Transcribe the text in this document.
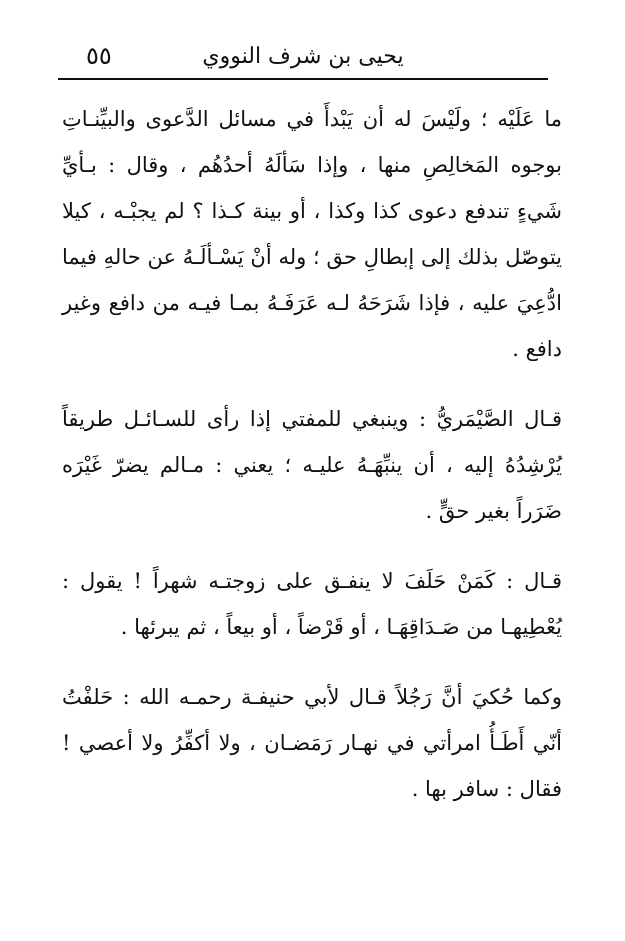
٥٥	يحيى بن شرف النووي

ما عَلَيْه ؛ ولَيْسَ له أن يَبْدأَ في مسائل الدَّعوى والبيِّنـاتِ بوجوه المَخالِصِ منها ، وإذا سَألَهُ أحدُهُم ، وقال : بـأيِّ شَيءٍ تندفع دعوى كذا وكذا ، أو بينة كـذا ؟ لم يجبْـه ، كيلا يتوصّل بذلك إلى إبطالِ حق ؛ وله أنْ يَسْـألَـهُ عن حالهِ فيما ادُّعِيَ عليه ، فإذا شَرَحَهُ لـه عَرَفَـهُ بمـا فيـه من دافع وغير دافع .

قـال الصَّيْمَريُّ : وينبغي للمفتي إذا رأى للسـائـل طريقاً يُرْشِدُهُ إليه ، أن ينبِّهَـهُ عليـه ؛ يعني : مـالم يضرّ غَيْرَه ضَرَراً بغير حقٍّ .

قـال : كَمَنْ حَلَفَ لا ينفـق على زوجتـه شهراً ! يقول : يُعْطِيهـا من صَـدَاقِهَـا ، أو قَرْضاً ، أو بيعاً ، ثم يبرئها .

وكما حُكيَ أنَّ رَجُلاً قـال لأبي حنيفـة رحمـه الله : حَلفْتُ أنّي أَطَـأُ امرأتي في نهـار رَمَضـان ، ولا أكفِّرُ ولا أعصي ! فقال : سافر بها .
